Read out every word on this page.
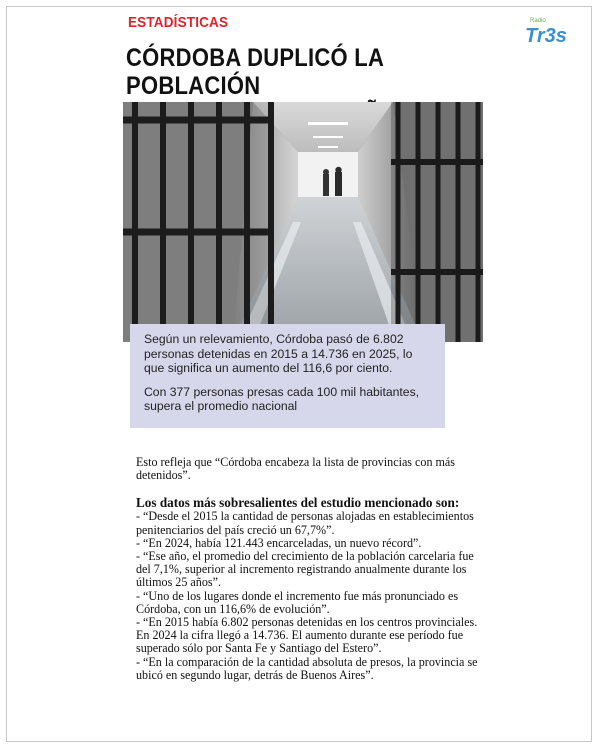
ESTADÍSTICAS	Radio
Tr3s
CÓRDOBA DUPLICÓ LA POBLACIÓN

Según un relevamiento, Córdoba pasó de 6.802 personas detenidas en 2015 a 14.736 en 2025, lo que significa un aumento del 116,6 por ciento.

Con 377 personas presas cada 100 mil habitantes, supera el promedio nacional

Esto refleja que “Córdoba encabeza la lista de provincias con más detenidos”.

Los datos más sobresalientes del estudio mencionado son:

- “Desde el 2015 la cantidad de personas alojadas en establecimientos penitenciarios del país creció un 67,7%”.

- “En 2024, había 121.443 encarceladas, un nuevo récord”.

- “Ese año, el promedio del crecimiento de la población carcelaria fue del 7,1%, superior al incremento registrando anualmente durante los últimos 25 años”.

- “Uno de los lugares donde el incremento fue más pronunciado es Córdoba, con un 116,6% de evolución”.

- “En 2015 había 6.802 personas detenidas en los centros provinciales. En 2024 la cifra llegó a 14.736. El aumento durante ese período fue superado sólo por Santa Fe y Santiago del Estero”.

- “En la comparación de la cantidad absoluta de presos, la provincia se ubicó en segundo lugar, detrás de Buenos Aires”.
